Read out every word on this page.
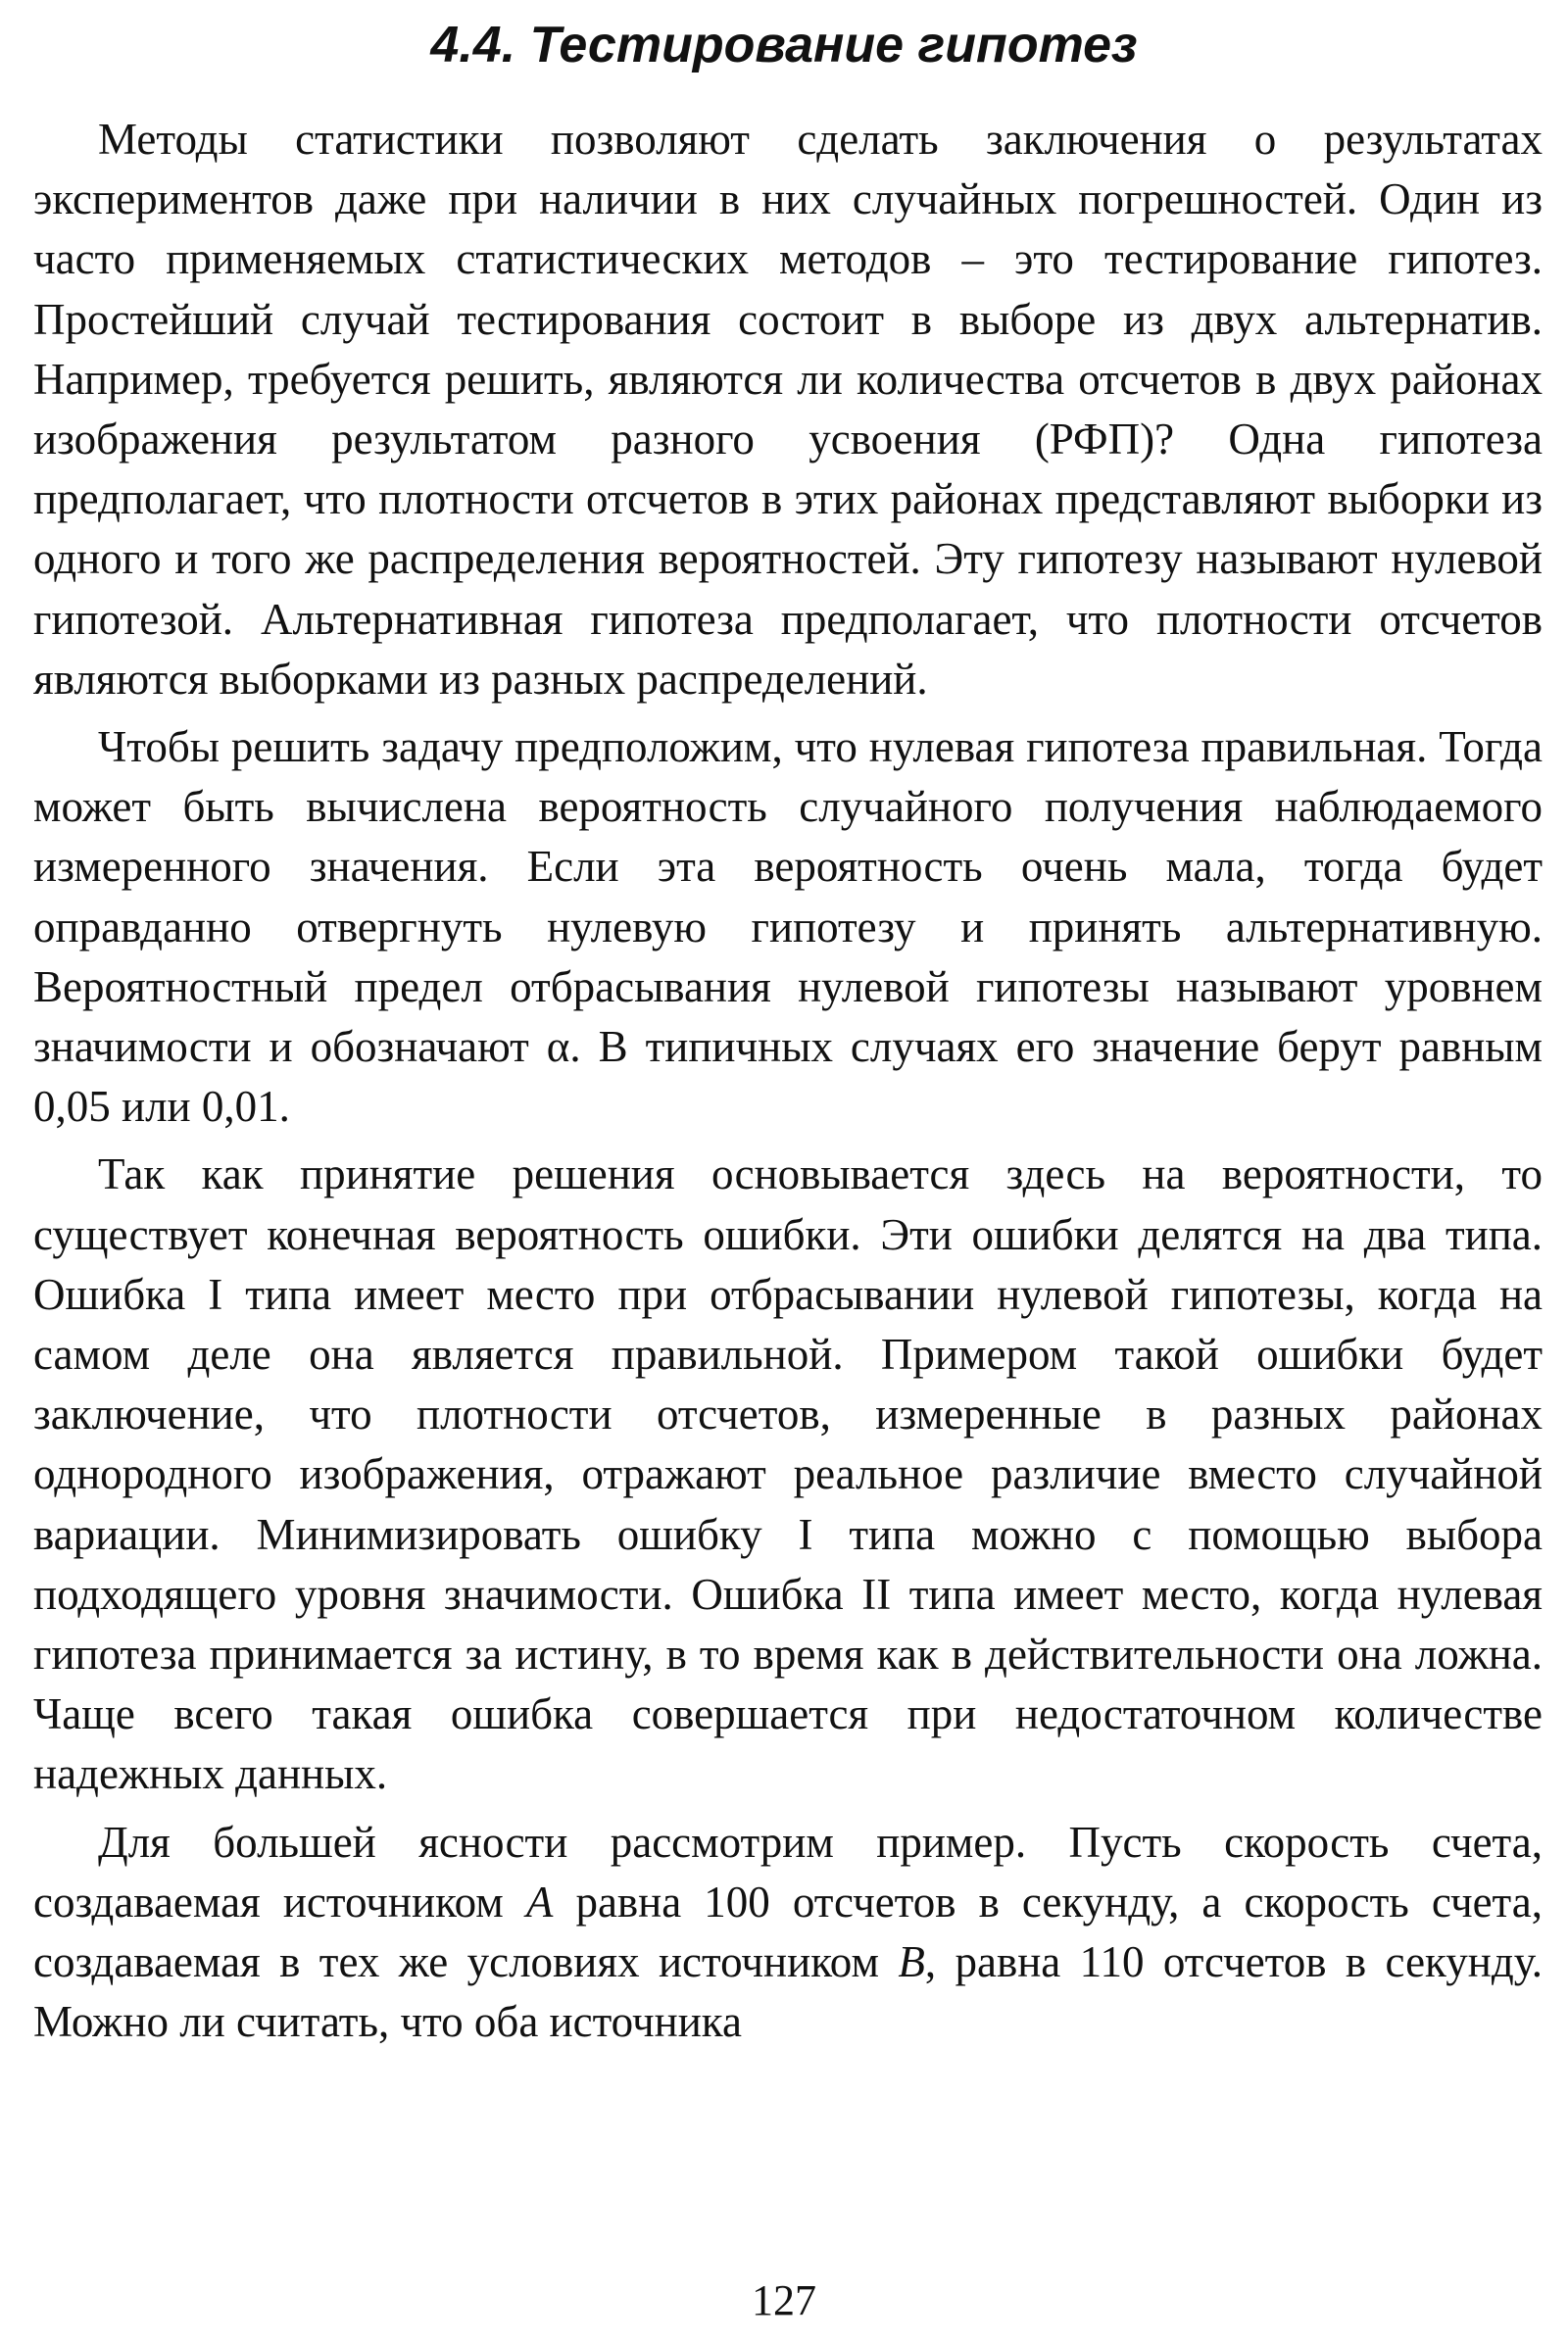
4.4. Тестирование гипотез

Методы статистики позволяют сделать заключения о результатах экспериментов даже при наличии в них случайных погрешностей. Один из часто применяемых статистических методов – это тестирование гипотез. Простейший случай тестирования состоит в выборе из двух альтернатив. Например, требуется решить, являются ли количества отсчетов в двух районах изображения результатом разного усвоения (РФП)? Одна гипотеза предполагает, что плотности отсчетов в этих районах представляют выборки из одного и того же распределения вероятностей. Эту гипотезу называют нулевой гипотезой. Альтернативная гипотеза предполагает, что плотности отсчетов являются выборками из разных распределений.

Чтобы решить задачу предположим, что нулевая гипотеза правильная. Тогда может быть вычислена вероятность случайного получения наблюдаемого измеренного значения. Если эта вероятность очень мала, тогда будет оправданно отвергнуть нулевую гипотезу и принять альтернативную. Вероятностный предел отбрасывания нулевой гипотезы называют уровнем значимости и обозначают α. В типичных случаях его значение берут равным 0,05 или 0,01.

Так как принятие решения основывается здесь на вероятности, то существует конечная вероятность ошибки. Эти ошибки делятся на два типа. Ошибка I типа имеет место при отбрасывании нулевой гипотезы, когда на самом деле она является правильной. Примером такой ошибки будет заключение, что плотности отсчетов, измеренные в разных районах однородного изображения, отражают реальное различие вместо случайной вариации. Минимизировать ошибку I типа можно с помощью выбора подходящего уровня значимости. Ошибка II типа имеет место, когда нулевая гипотеза принимается за истину, в то время как в действительности она ложна. Чаще всего такая ошибка совершается при недостаточном количестве надежных данных.

Для большей ясности рассмотрим пример. Пусть скорость счета, создаваемая источником A равна 100 отсчетов в секунду, а скорость счета, создаваемая в тех же условиях источником B, равна 110 отсчетов в секунду. Можно ли считать, что оба источника

127
